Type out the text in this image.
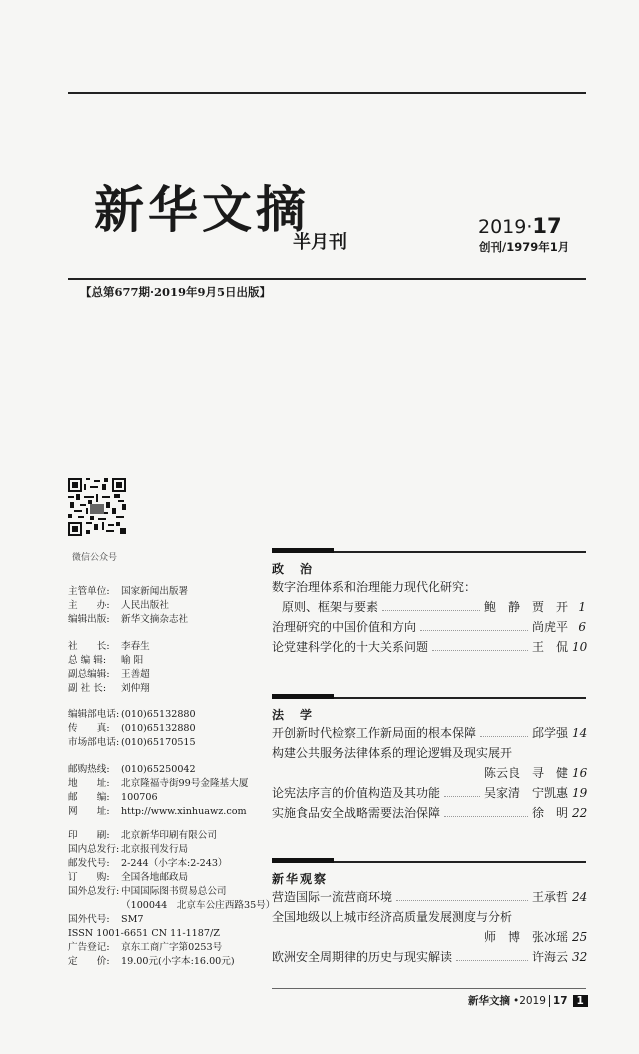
新华文摘
半月刊
2019·17
创刊/1979年1月
【总第677期·2019年9月5日出版】
微信公众号
主管单位:	国家新闻出版署
主　　办:	人民出版社
编辑出版:	新华文摘杂志社
社　　长:	李春生
总 编 辑:	喻 阳
副总编辑:	王善超
副 社 长:	刘仲翔
编辑部电话: (010)65132880
传　　真:	(010)65132880
市场部电话: (010)65170515
邮购热线:	(010)65250042
地　　址:	北京隆福寺街99号金隆基大厦
邮　　编:	100706
网　　址:	http://www.xinhuawz.com
印　　刷:	北京新华印刷有限公司
国内总发行: 北京报刊发行局
邮发代号:	2-244（小字本:2-243）
订　　购:	全国各地邮政局
国外总发行: 中国国际图书贸易总公司
（100044　北京车公庄西路35号）
国外代号:	SM7
ISSN 1001-6651 CN 11-1187/Z
广告登记:	京东工商广字第0253号
定　　价:	19.00元(小字本:16.00元)
政　治
数字治理体系和治理能力现代化研究：
原则、框架与要素	鲍　静　贾　开 1
治理研究的中国价值和方向	尚虎平 6
论党建科学化的十大关系问题	王　侃 10
法　学
开创新时代检察工作新局面的根本保障	邱学强 14
构建公共服务法律体系的理论逻辑及现实展开
陈云良　寻　健 16
论宪法序言的价值构造及其功能	吴家清　宁凯惠 19
实施食品安全战略需要法治保障	徐　明 22
新华观察
营造国际一流营商环境	王承哲 24
全国地级以上城市经济高质量发展测度与分析
师　博　张冰瑶 25
欧洲安全周期律的历史与现实解读	许海云 32
新华文摘 •2019 17 1
